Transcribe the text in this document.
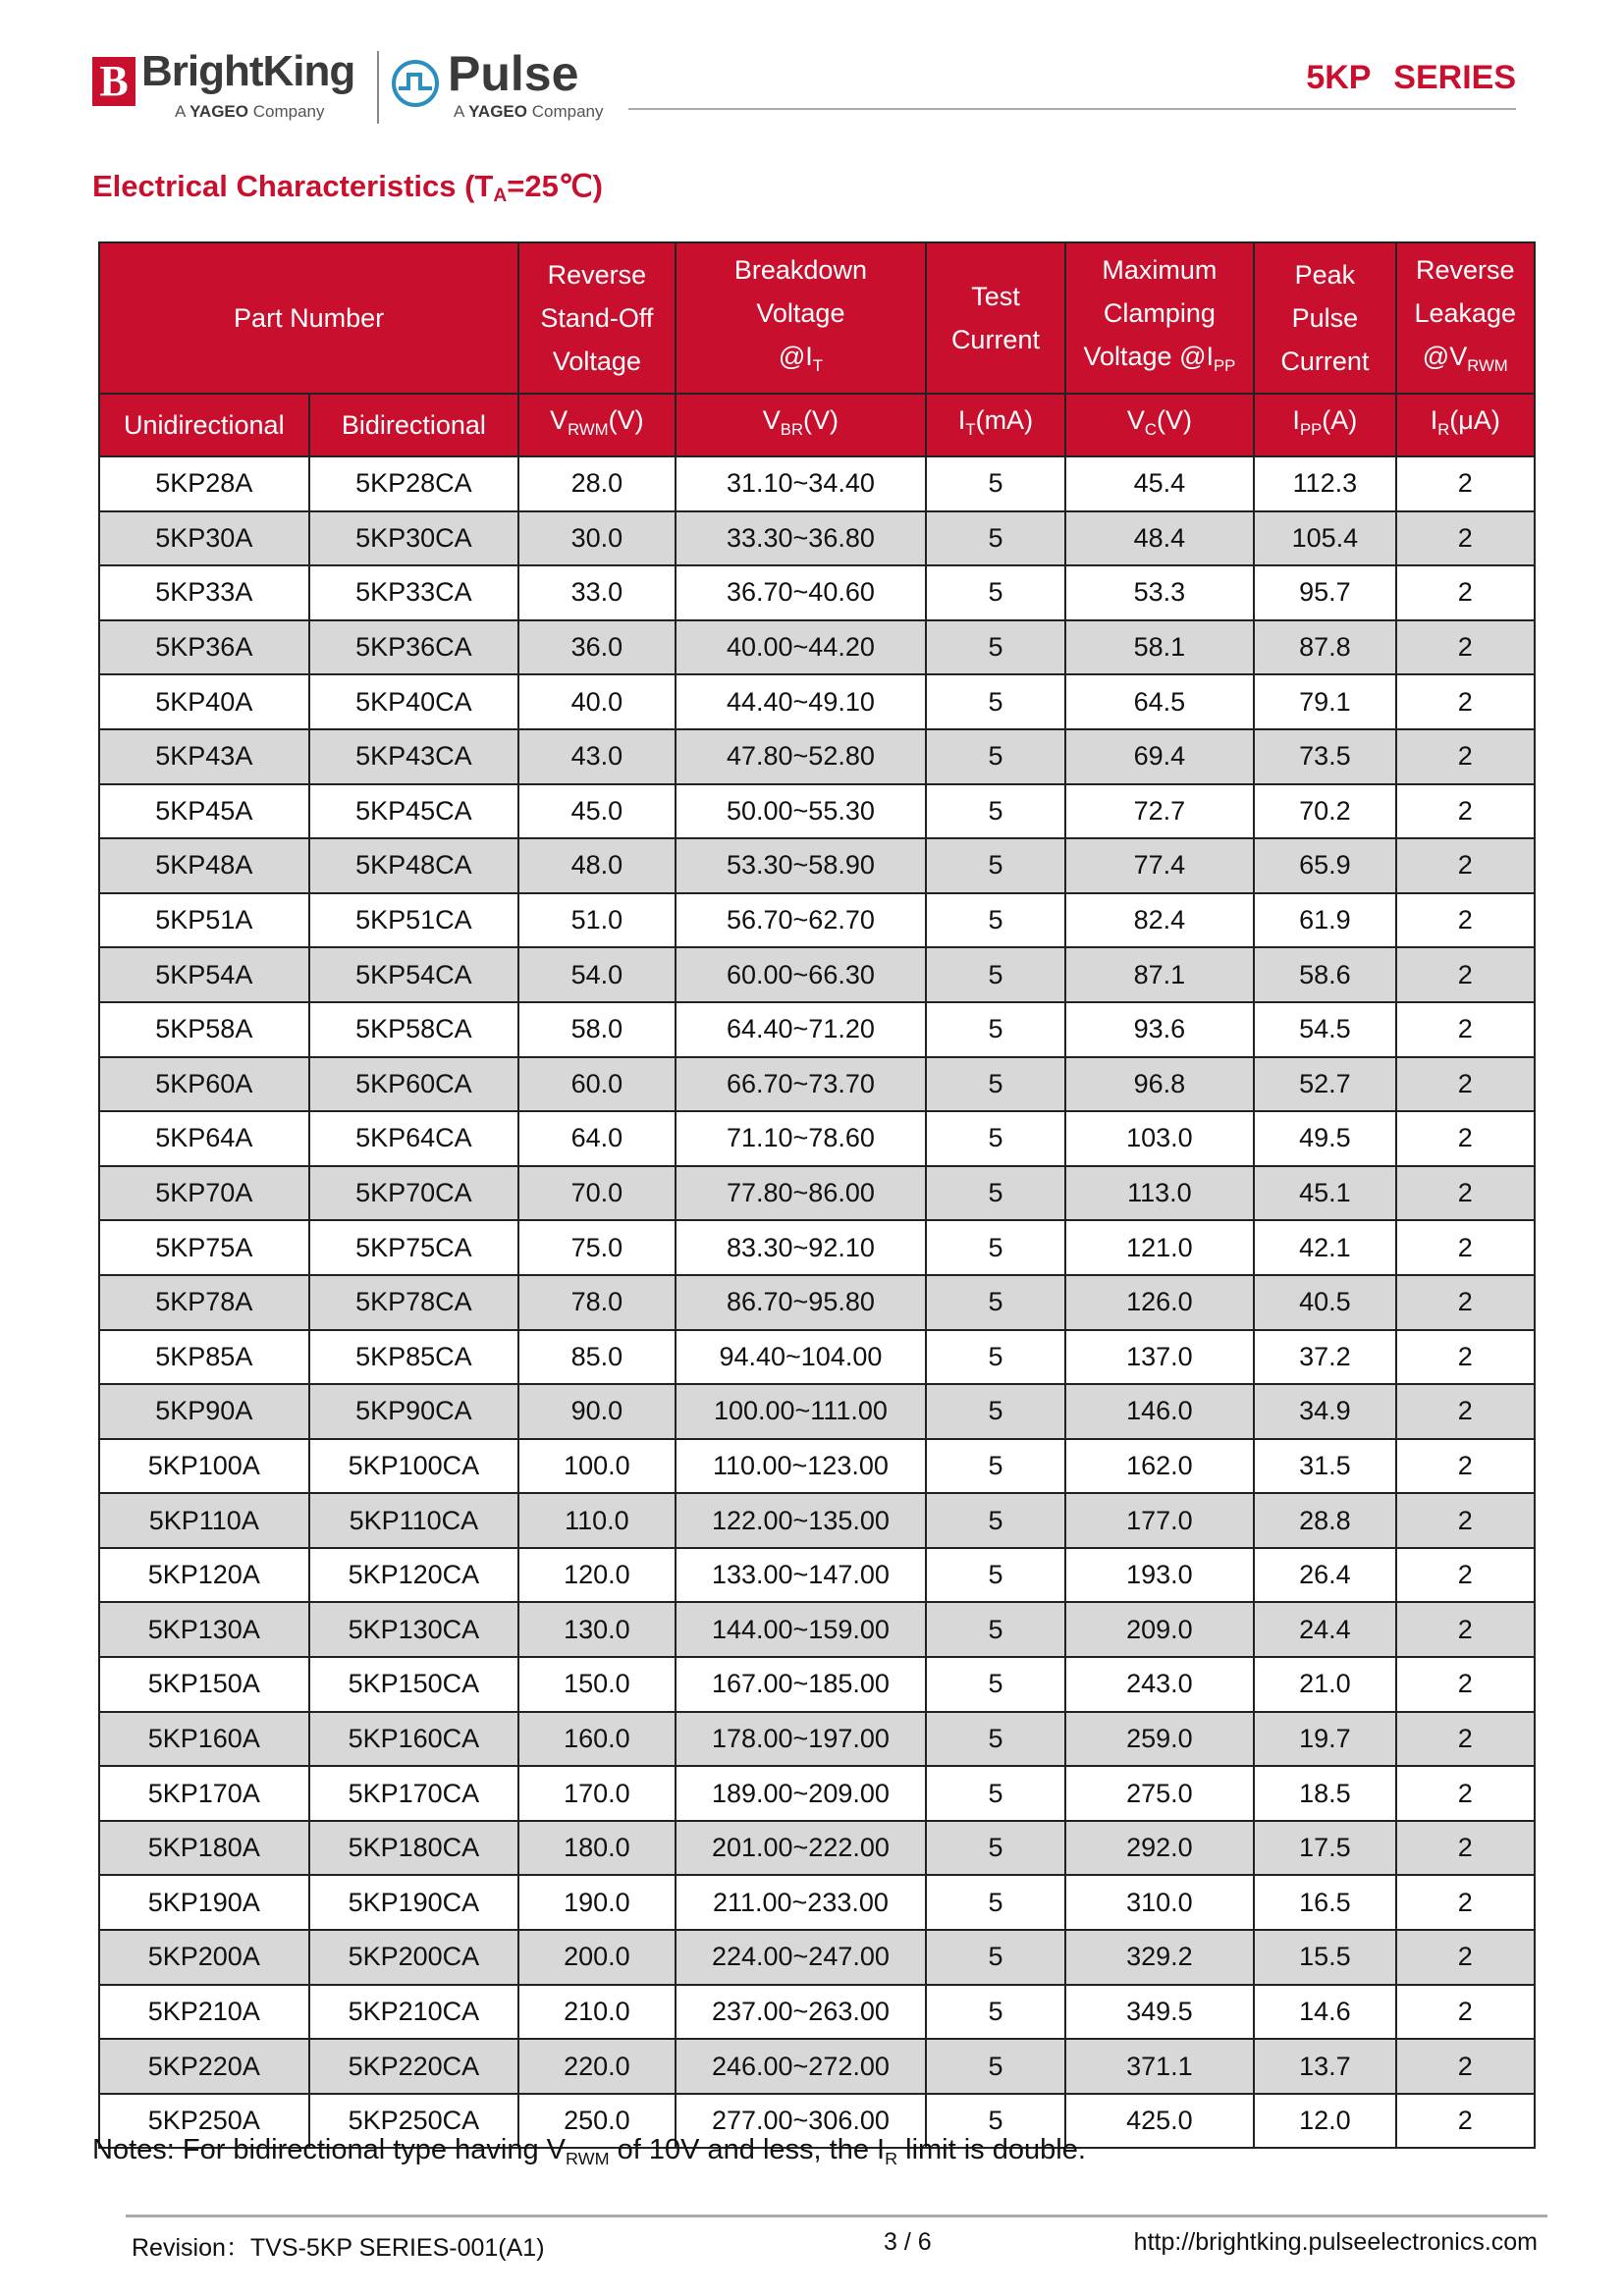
B BrightKing
A YAGEO Company
Pulse
A YAGEO Company
5KP SERIES
Electrical Characteristics $(T_A=25℃)$
Part Number		Reverse
Stand-Off
Voltage	Breakdown
Voltage
$@I_T$	Test
Current	Maximum
Clamping
Voltage $@I_{PP}$	Peak
Pulse
Current	Reverse
Leakage
$@V_{RWM}$
Unidirectional	Bidirectional	$V_{RWM}(V)$	$V_{BR}(V)$	$I_T(mA)$	$V_C(V)$	$I_{PP}(A)$	$I_R(\mu A)$
5KP28A	5KP28CA	28.0	31.10~34.40	5	45.4	112.3	2
5KP30A	5KP30CA	30.0	33.30~36.80	5	48.4	105.4	2
5KP33A	5KP33CA	33.0	36.70~40.60	5	53.3	95.7	2
5KP36A	5KP36CA	36.0	40.00~44.20	5	58.1	87.8	2
5KP40A	5KP40CA	40.0	44.40~49.10	5	64.5	79.1	2
5KP43A	5KP43CA	43.0	47.80~52.80	5	69.4	73.5	2
5KP45A	5KP45CA	45.0	50.00~55.30	5	72.7	70.2	2
5KP48A	5KP48CA	48.0	53.30~58.90	5	77.4	65.9	2
5KP51A	5KP51CA	51.0	56.70~62.70	5	82.4	61.9	2
5KP54A	5KP54CA	54.0	60.00~66.30	5	87.1	58.6	2
5KP58A	5KP58CA	58.0	64.40~71.20	5	93.6	54.5	2
5KP60A	5KP60CA	60.0	66.70~73.70	5	96.8	52.7	2
5KP64A	5KP64CA	64.0	71.10~78.60	5	103.0	49.5	2
5KP70A	5KP70CA	70.0	77.80~86.00	5	113.0	45.1	2
5KP75A	5KP75CA	75.0	83.30~92.10	5	121.0	42.1	2
5KP78A	5KP78CA	78.0	86.70~95.80	5	126.0	40.5	2
5KP85A	5KP85CA	85.0	94.40~104.00	5	137.0	37.2	2
5KP90A	5KP90CA	90.0	100.00~111.00	5	146.0	34.9	2
5KP100A	5KP100CA	100.0	110.00~123.00	5	162.0	31.5	2
5KP110A	5KP110CA	110.0	122.00~135.00	5	177.0	28.8	2
5KP120A	5KP120CA	120.0	133.00~147.00	5	193.0	26.4	2
5KP130A	5KP130CA	130.0	144.00~159.00	5	209.0	24.4	2
5KP150A	5KP150CA	150.0	167.00~185.00	5	243.0	21.0	2
5KP160A	5KP160CA	160.0	178.00~197.00	5	259.0	19.7	2
5KP170A	5KP170CA	170.0	189.00~209.00	5	275.0	18.5	2
5KP180A	5KP180CA	180.0	201.00~222.00	5	292.0	17.5	2
5KP190A	5KP190CA	190.0	211.00~233.00	5	310.0	16.5	2
5KP200A	5KP200CA	200.0	224.00~247.00	5	329.2	15.5	2
5KP210A	5KP210CA	210.0	237.00~263.00	5	349.5	14.6	2
5KP220A	5KP220CA	220.0	246.00~272.00	5	371.1	13.7	2
5KP250A	5KP250CA	250.0	277.00~306.00	5	425.0	12.0	2
Notes: For bidirectional type having $V_{RWM}$ of 10V and less, the $I_R$ limit is double.
Revision：TVS-5KP SERIES-001(A1)	3 / 6	http://brightking.pulseelectronics.com
